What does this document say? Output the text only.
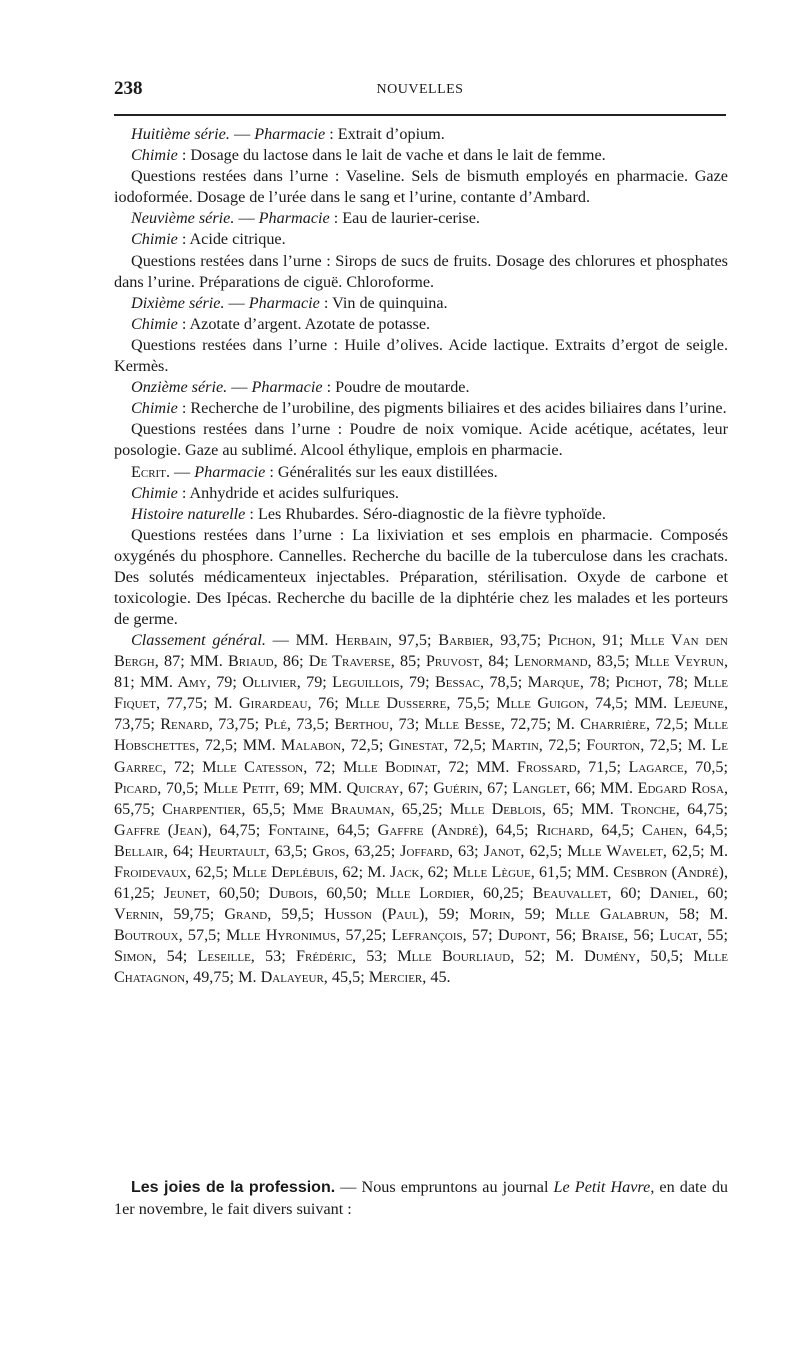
238	NOUVELLES

Huitième série. — Pharmacie : Extrait d’opium.

Chimie : Dosage du lactose dans le lait de vache et dans le lait de femme.

Questions restées dans l’urne : Vaseline. Sels de bismuth employés en pharmacie. Gaze iodoformée. Dosage de l’urée dans le sang et l’urine, contante d’Ambard.

Neuvième série. — Pharmacie : Eau de laurier-cerise.

Chimie : Acide citrique.

Questions restées dans l’urne : Sirops de sucs de fruits. Dosage des chlorures et phosphates dans l’urine. Préparations de ciguë. Chloroforme.

Dixième série. — Pharmacie : Vin de quinquina.

Chimie : Azotate d’argent. Azotate de potasse.

Questions restées dans l’urne : Huile d’olives. Acide lactique. Extraits d’ergot de seigle. Kermès.

Onzième série. — Pharmacie : Poudre de moutarde.

Chimie : Recherche de l’urobiline, des pigments biliaires et des acides biliaires dans l’urine.

Questions restées dans l’urne : Poudre de noix vomique. Acide acétique, acétates, leur posologie. Gaze au sublimé. Alcool éthylique, emplois en pharmacie.

Ecrit. — Pharmacie : Généralités sur les eaux distillées.

Chimie : Anhydride et acides sulfuriques.

Histoire naturelle : Les Rhubardes. Séro-diagnostic de la fièvre typhoïde.

Questions restées dans l’urne : La lixiviation et ses emplois en pharmacie. Composés oxygénés du phosphore. Cannelles. Recherche du bacille de la tuberculose dans les crachats. Des solutés médicamenteux injectables. Préparation, stérilisation. Oxyde de carbone et toxicologie. Des Ipécas. Recherche du bacille de la diphtérie chez les malades et les porteurs de germe.

Classement général. — MM. Herbain, 97,5; Barbier, 93,75; Pichon, 91; Mlle Van den Bergh, 87; MM. Briaud, 86; De Traverse, 85; Pruvost, 84; Lenormand, 83,5; Mlle Veyrun, 81; MM. Amy, 79; Ollivier, 79; Leguillois, 79; Bessac, 78,5; Marque, 78; Pichot, 78; Mlle Fiquet, 77,75; M. Girardeau, 76; Mlle Dusserre, 75,5; Mlle Guigon, 74,5; MM. Lejeune, 73,75; Renard, 73,75; Plé, 73,5; Berthou, 73; Mlle Besse, 72,75; M. Charrière, 72,5; Mlle Hobschettes, 72,5; MM. Malabon, 72,5; Ginestat, 72,5; Martin, 72,5; Fourton, 72,5; M. Le Garrec, 72; Mlle Catesson, 72; Mlle Bodinat, 72; MM. Frossard, 71,5; Lagarce, 70,5; Picard, 70,5; Mlle Petit, 69; MM. Quicray, 67; Guérin, 67; Langlet, 66; MM. Edgard Rosa, 65,75; Charpentier, 65,5; Mme Brauman, 65,25; Mlle Deblois, 65; MM. Tronche, 64,75; Gaffre (Jean), 64,75; Fontaine, 64,5; Gaffre (André), 64,5; Richard, 64,5; Cahen, 64,5; Bellair, 64; Heurtault, 63,5; Gros, 63,25; Joffard, 63; Janot, 62,5; Mlle Wavelet, 62,5; M. Froidevaux, 62,5; Mlle Deplébuis, 62; M. Jack, 62; Mlle Lègue, 61,5; MM. Cesbron (André), 61,25; Jeunet, 60,50; Dubois, 60,50; Mlle Lordier, 60,25; Beauvallet, 60; Daniel, 60; Vernin, 59,75; Grand, 59,5; Husson (Paul), 59; Morin, 59; Mlle Galabrun, 58; M. Boutroux, 57,5; Mlle Hyronimus, 57,25; Lefrançois, 57; Dupont, 56; Braise, 56; Lucat, 55; Simon, 54; Leseille, 53; Frédéric, 53; Mlle Bourliaud, 52; M. Dumény, 50,5; Mlle Chatagnon, 49,75; M. Dalayeur, 45,5; Mercier, 45.

Les joies de la profession. — Nous empruntons au journal Le Petit Havre, en date du 1er novembre, le fait divers suivant :
